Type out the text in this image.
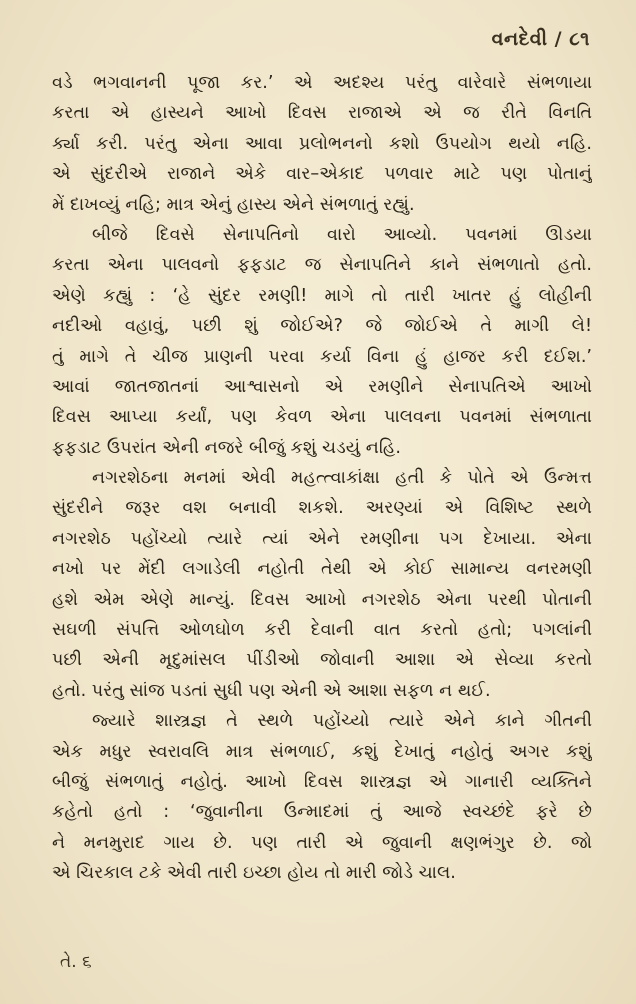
વનદેવી / ૮૧
વડે ભગવાનની પૂજા કર.’ એ અદશ્ય પરંતુ વારેવારે સંભળાયા
કરતા એ હાસ્યને આખો દિવસ રાજાએ એ જ રીતે વિનતિ
ર્ક્યા કરી. પરંતુ એના આવા પ્રલોભનનો કશો ઉપયોગ થયો નહિ.
એ સુંદરીએ રાજાને એકે વાર–એકાદ પળવાર માટે પણ પોતાનું
મેં દાખવ્યું નહિ; માત્ર એનું હાસ્ય એને સંભળાતું રહ્યું.
બીજે દિવસે સેનાપતિનો વારો આવ્યો. પવનમાં ઊડયા
કરતા એના પાલવનો ફફડાટ જ સેનાપતિને કાને સંભળાતો હતો.
એણે કહ્યું : ‘હે સુંદર રમણી! માગે તો તારી ખાતર હું લોહીની
નદીઓ વહાવું, પછી શું જોઈએ? જે જોઈએ તે માગી લે!
તું માગે તે ચીજ પ્રાણની પરવા કર્યા વિના હું હાજર કરી દઈશ.’
આવાં જાતજાતનાં આશ્વાસનો એ રમણીને સેનાપતિએ આખો
દિવસ આપ્યા કર્યાં, પણ કેવળ એના પાલવના પવનમાં સંભળાતા
ફફડાટ ઉપરાંત એની નજરે બીજું કશું ચડયું નહિ.
નગરશેઠના મનમાં એવી મહત્ત્વાકાંક્ષા હતી કે પોતે એ ઉન્મત્ત
સુંદરીને જરૂર વશ બનાવી શકશે. અરણ્યાં એ વિશિષ્ટ સ્થળે
નગરશેઠ પહોંચ્યો ત્યારે ત્યાં એને રમણીના પગ દેખાયા. એના
નખો પર મેંદી લગાડેલી નહોતી તેથી એ કોઈ સામાન્ય વનરમણી
હશે એમ એણે માન્યું. દિવસ આખો નગરશેઠ એના પરથી પોતાની
સઘળી સંપત્તિ ઓળઘોળ કરી દેવાની વાત કરતો હતો; પગલાંની
પછી એની મૃદુમાંસલ પીંડીઓ જોવાની આશા એ સેવ્યા કરતો
હતો. પરંતુ સાંજ પડતાં સુધી પણ એની એ આશા સફળ ન થઈ.
જ્યારે શાસ્ત્રજ્ઞ તે સ્થળે પહોંચ્યો ત્યારે એને કાને ગીતની
એક મધુર સ્વરાવલિ માત્ર સંભળાઈ, કશું દેખાતું નહોતું અગર કશું
બીજું સંભળાતું નહોતું. આખો દિવસ શાસ્ત્રજ્ઞ એ ગાનારી વ્યક્તિને
કહેતો હતો : ‘જુવાનીના ઉન્માદમાં તું આજે સ્વચ્છંદે ફરે છે
ને મનમુરાદ ગાય છે. પણ તારી એ જુવાની ક્ષણભંગુર છે. જો
એ ચિરકાલ ટકે એવી તારી ઇચ્છા હોય તો મારી જોડે ચાલ.
તે. ૬
